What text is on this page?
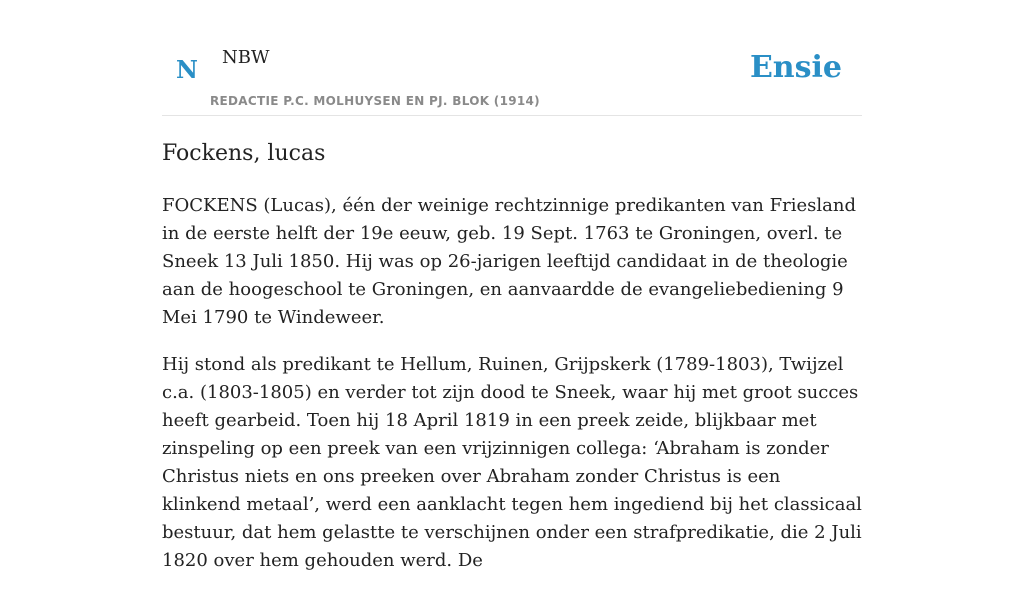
N NBW
REDACTIE P.C. MOLHUYSEN EN PJ. BLOK (1914)
Ensie
Fockens, lucas

FOCKENS (Lucas), één der weinige rechtzinnige predikanten van Friesland in de eerste helft der 19e eeuw, geb. 19 Sept. 1763 te Groningen, overl. te Sneek 13 Juli 1850. Hij was op 26-jarigen leeftijd candidaat in de theologie aan de hoogeschool te Groningen, en aanvaardde de evangeliebediening 9 Mei 1790 te Windeweer.

Hij stond als predikant te Hellum, Ruinen, Grijpskerk (1789-1803), Twijzel c.a. (1803-1805) en verder tot zijn dood te Sneek, waar hij met groot succes heeft gearbeid. Toen hij 18 April 1819 in een preek zeide, blijkbaar met zinspeling op een preek van een vrijzinnigen collega: ‘Abraham is zonder Christus niets en ons preeken over Abraham zonder Christus is een klinkend metaal’, werd een aanklacht tegen hem ingediend bij het classicaal bestuur, dat hem gelastte te verschijnen onder een strafpredikatie, die 2 Juli 1820 over hem gehouden werd. De
